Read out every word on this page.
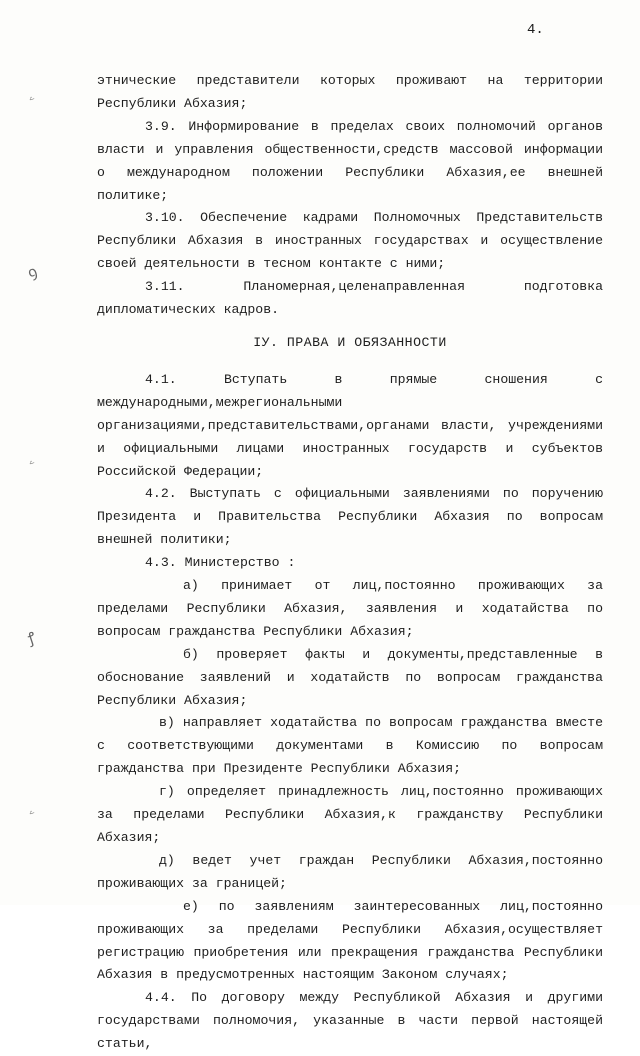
4.
ۦ
ꝯ
ۦ
ꝭ
ۦ

этнические представители которых проживают на территории Республики Абхазия;

3.9. Информирование в пределах своих полномочий органов власти и управления общественности,средств массовой информации о международном положении Республики Абхазия,ее внешней политике;

3.10. Обеспечение кадрами Полномочных Представительств Республики Абхазия в иностранных государствах и осуществление своей деятельности в тесном контакте с ними;

3.11. Планомерная,целенаправленная подготовка дипломатических кадров.

IУ. ПРАВА И ОБЯЗАННОСТИ

4.1. Вступать в прямые сношения с международными,межрегиональными организациями,представительствами,органами власти, учреждениями и официальными лицами иностранных государств и субъектов Российской Федерации;

4.2. Выступать с официальными заявлениями по поручению Президента и Правительства Республики Абхазия по вопросам внешней политики;

4.3. Министерство :

а) принимает от лиц,постоянно проживающих за пределами Республики Абхазия, заявления и ходатайства по вопросам гражданства Республики Абхазия;

б) проверяет факты и документы,представленные в обоснование заявлений и ходатайств по вопросам гражданства Республики Абхазия;

в) направляет ходатайства по вопросам гражданства вместе с соответствующими документами в Комиссию по вопросам гражданства при Президенте Республики Абхазия;

г) определяет принадлежность лиц,постоянно проживающих за пределами Республики Абхазия,к гражданству Республики Абхазия;

д) ведет учет граждан Республики Абхазия,постоянно проживающих за границей;

е) по заявлениям заинтересованных лиц,постоянно проживающих за пределами Республики Абхазия,осуществляет регистрацию приобретения или прекращения гражданства Республики Абхазия в предусмотренных настоящим Законом случаях;

4.4. По договору между Республикой Абхазия и другими государствами полномочия, указанные в части первой настоящей статьи,
